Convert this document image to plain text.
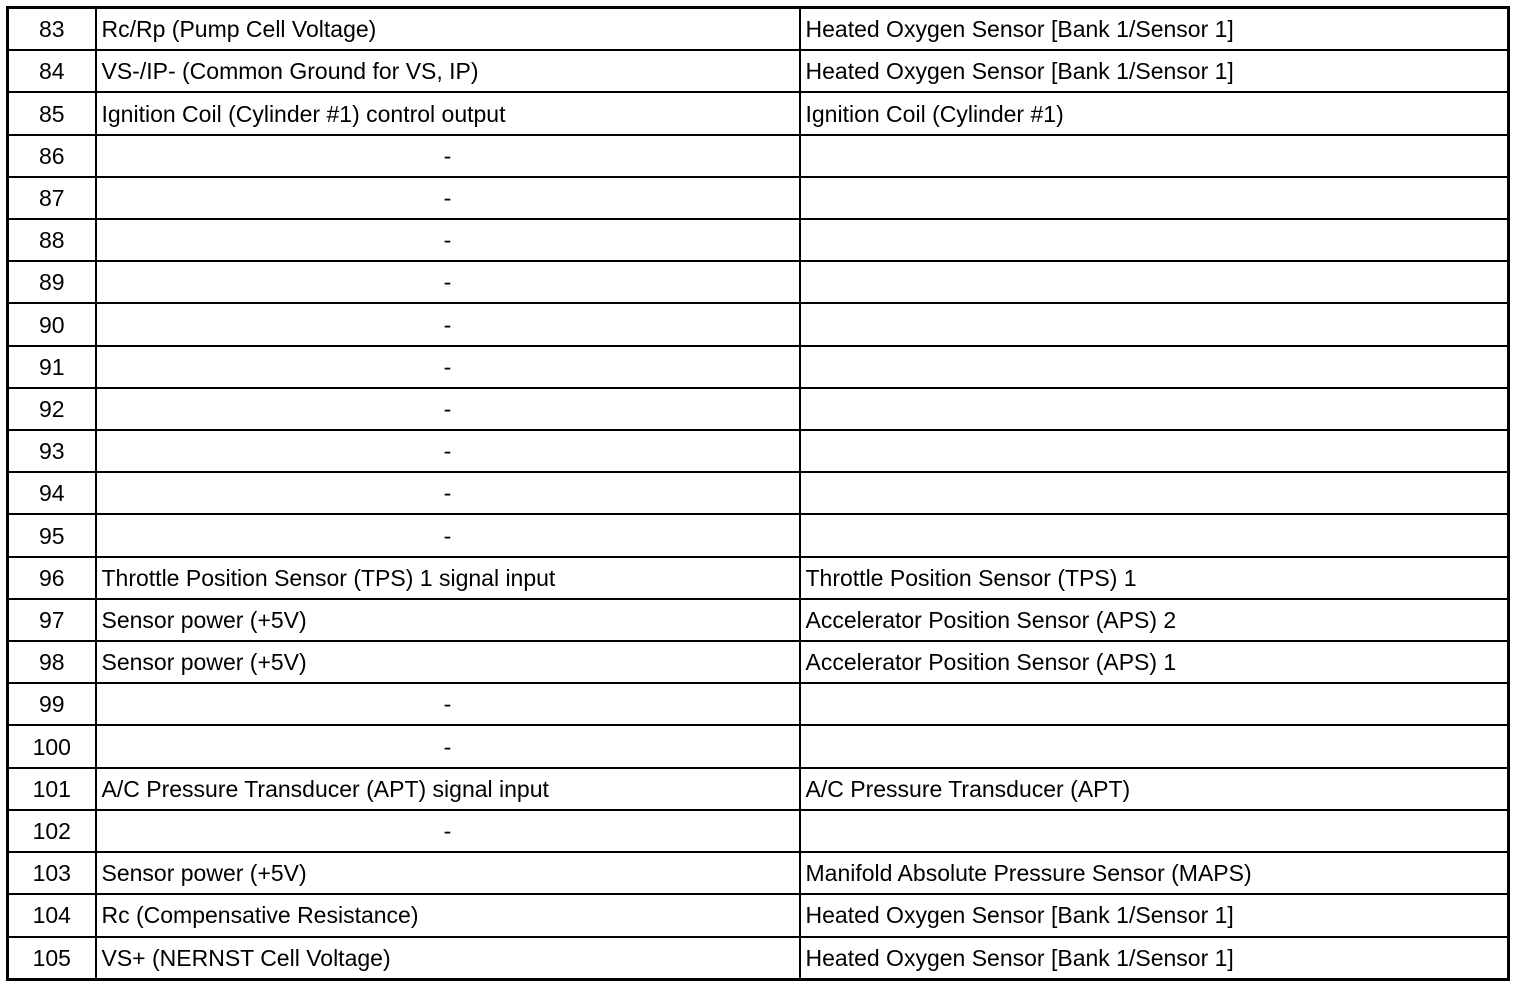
83	Rc/Rp (Pump Cell Voltage)	Heated Oxygen Sensor [Bank 1/Sensor 1]
84	VS-/IP- (Common Ground for VS, IP)	Heated Oxygen Sensor [Bank 1/Sensor 1]
85	Ignition Coil (Cylinder #1) control output	Ignition Coil (Cylinder #1)
86	-	
87	-	
88	-	
89	-	
90	-	
91	-	
92	-	
93	-	
94	-	
95	-	
96	Throttle Position Sensor (TPS) 1 signal input	Throttle Position Sensor (TPS) 1
97	Sensor power (+5V)	Accelerator Position Sensor (APS) 2
98	Sensor power (+5V)	Accelerator Position Sensor (APS) 1
99	-	
100	-	
101	A/C Pressure Transducer (APT) signal input	A/C Pressure Transducer (APT)
102	-	
103	Sensor power (+5V)	Manifold Absolute Pressure Sensor (MAPS)
104	Rc (Compensative Resistance)	Heated Oxygen Sensor [Bank 1/Sensor 1]
105	VS+ (NERNST Cell Voltage)	Heated Oxygen Sensor [Bank 1/Sensor 1]
